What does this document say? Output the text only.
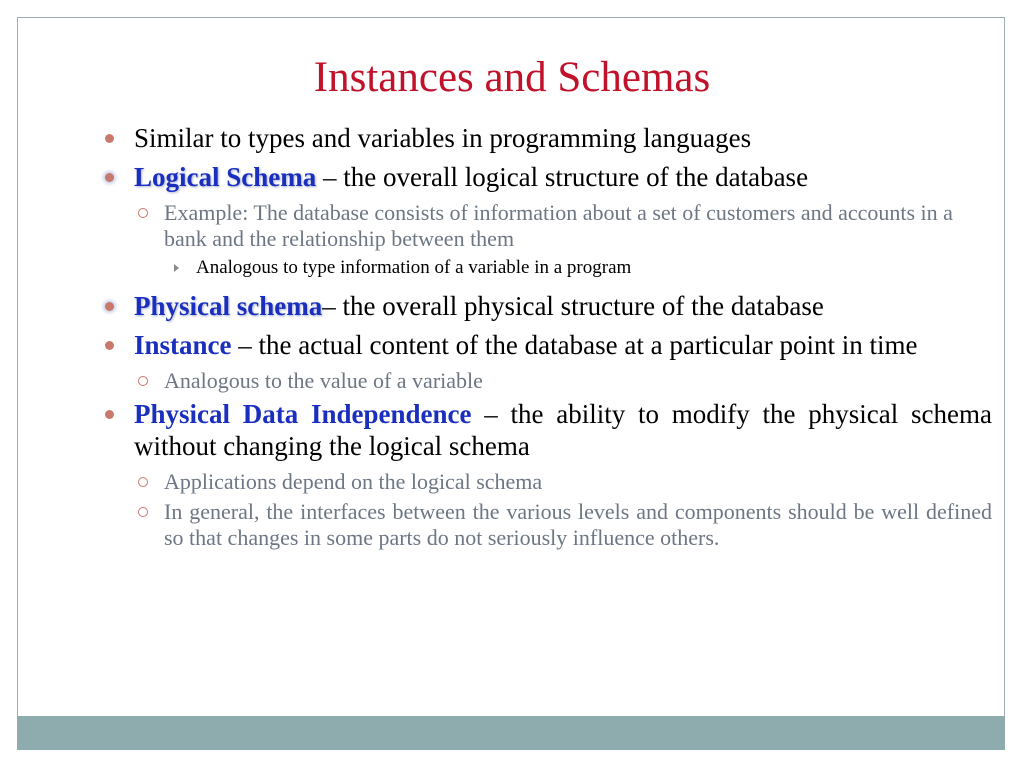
Instances and Schemas
Similar to types and variables in programming languages
Logical Schema – the overall logical structure of the database
Example: The database consists of information about a set of customers and accounts in a bank and the relationship between them
Analogous to type information of a variable in a program
Physical schema– the overall physical structure of the database
Instance – the actual content of the database at a particular point in time
Analogous to the value of a variable
Physical Data Independence – the ability to modify the physical schema without changing the logical schema
Applications depend on the logical schema
In general, the interfaces between the various levels and components should be well defined so that changes in some parts do not seriously influence others.
